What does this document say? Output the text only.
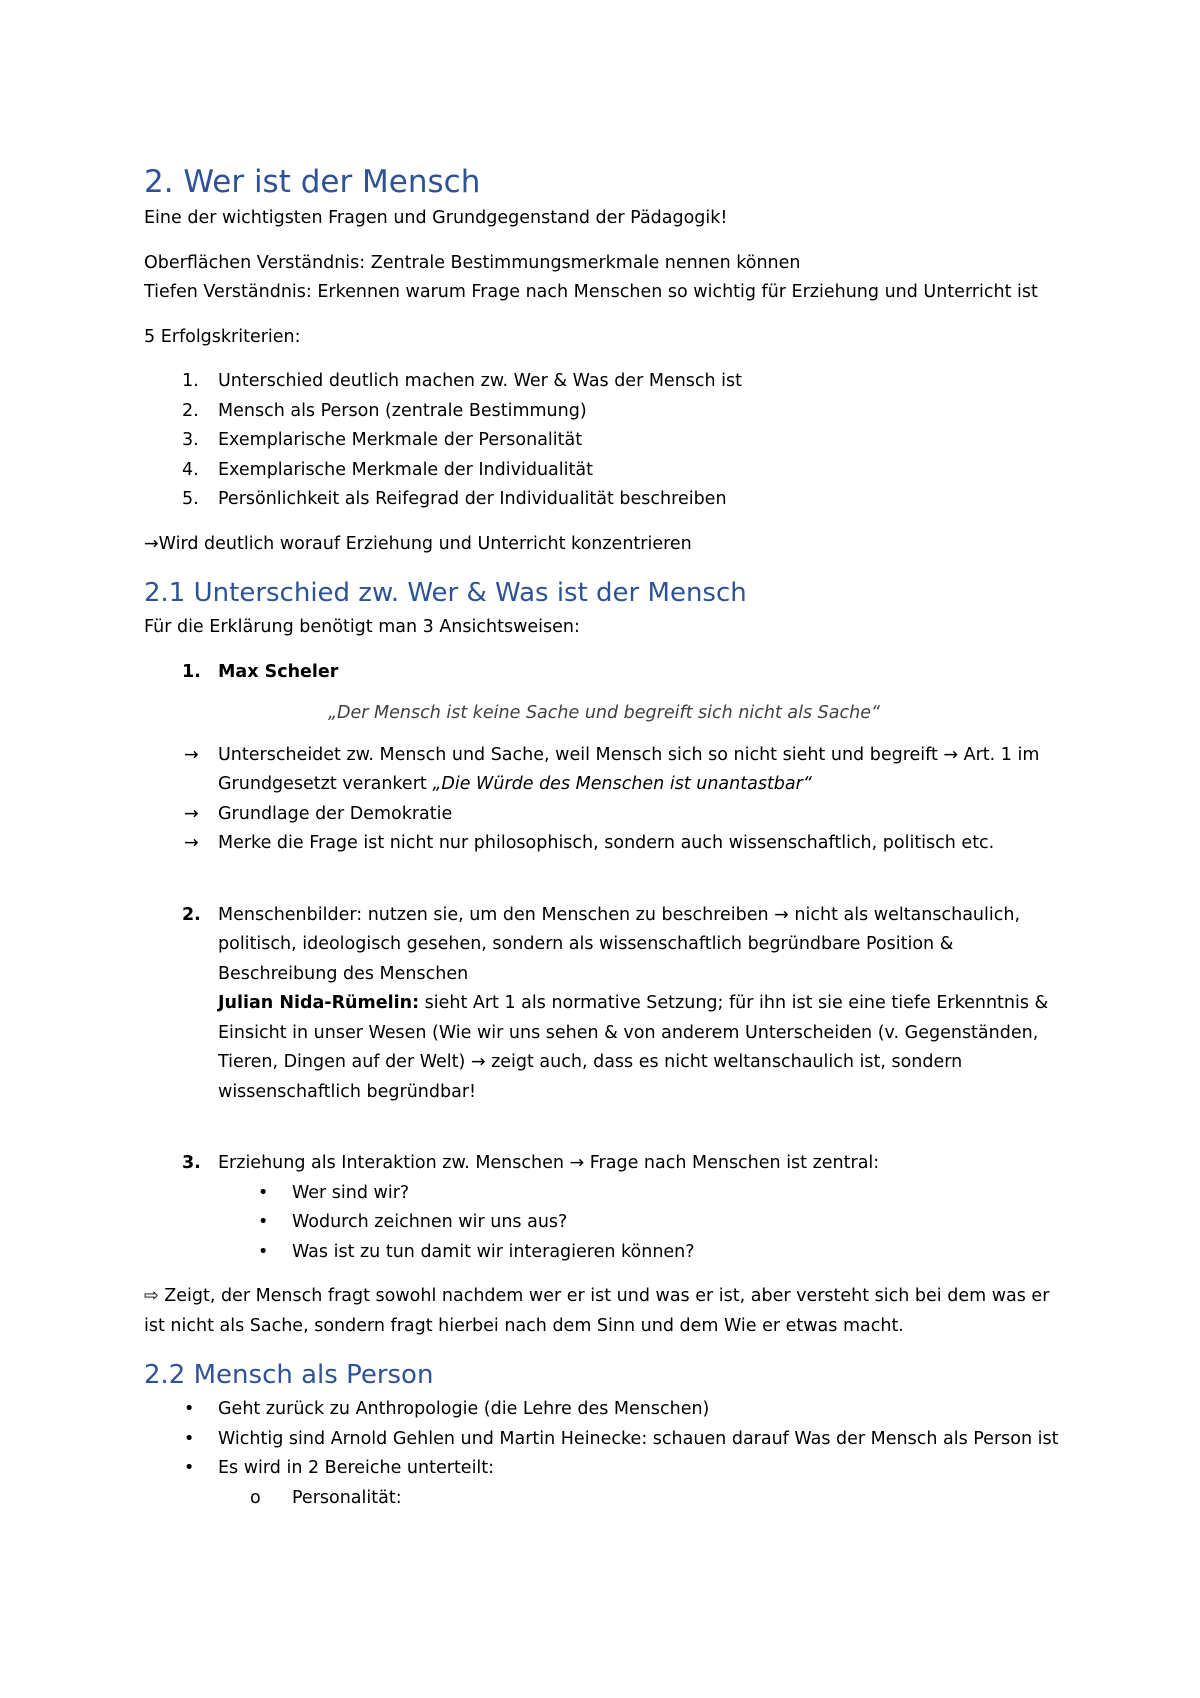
2. Wer ist der Mensch

Eine der wichtigsten Fragen und Grundgegenstand der Pädagogik!

Oberflächen Verständnis: Zentrale Bestimmungsmerkmale nennen können

Tiefen Verständnis: Erkennen warum Frage nach Menschen so wichtig für Erziehung und Unterricht ist

5 Erfolgskriterien:

1.	Unterschied deutlich machen zw. Wer & Was der Mensch ist
2.	Mensch als Person (zentrale Bestimmung)
3.	Exemplarische Merkmale der Personalität
4.	Exemplarische Merkmale der Individualität
5.	Persönlichkeit als Reifegrad der Individualität beschreiben

→Wird deutlich worauf Erziehung und Unterricht konzentrieren

2.1 Unterschied zw. Wer & Was ist der Mensch

Für die Erklärung benötigt man 3 Ansichtsweisen:

1. Max Scheler

„Der Mensch ist keine Sache und begreift sich nicht als Sache“

→	Unterscheidet zw. Mensch und Sache, weil Mensch sich so nicht sieht und begreift → Art. 1 im Grundgesetzt verankert „Die Würde des Menschen ist unantastbar“
→	Grundlage der Demokratie
→	Merke die Frage ist nicht nur philosophisch, sondern auch wissenschaftlich, politisch etc.
2. Menschenbilder: nutzen sie, um den Menschen zu beschreiben → nicht als weltanschaulich, politisch, ideologisch gesehen, sondern als wissenschaftlich begründbare Position & Beschreibung des Menschen
Julian Nida-Rümelin: sieht Art 1 als normative Setzung; für ihn ist sie eine tiefe Erkenntnis & Einsicht in unser Wesen (Wie wir uns sehen & von anderem Unterscheiden (v. Gegenständen, Tieren, Dingen auf der Welt) → zeigt auch, dass es nicht weltanschaulich ist, sondern wissenschaftlich begründbar!
3. Erziehung als Interaktion zw. Menschen → Frage nach Menschen ist zentral:
•	Wer sind wir?
•	Wodurch zeichnen wir uns aus?
•	Was ist zu tun damit wir interagieren können?

⇨ Zeigt, der Mensch fragt sowohl nachdem wer er ist und was er ist, aber versteht sich bei dem was er ist nicht als Sache, sondern fragt hierbei nach dem Sinn und dem Wie er etwas macht.

2.2 Mensch als Person
•	Geht zurück zu Anthropologie (die Lehre des Menschen)
•	Wichtig sind Arnold Gehlen und Martin Heinecke: schauen darauf Was der Mensch als Person ist
•	Es wird in 2 Bereiche unterteilt:
o	Personalität:
